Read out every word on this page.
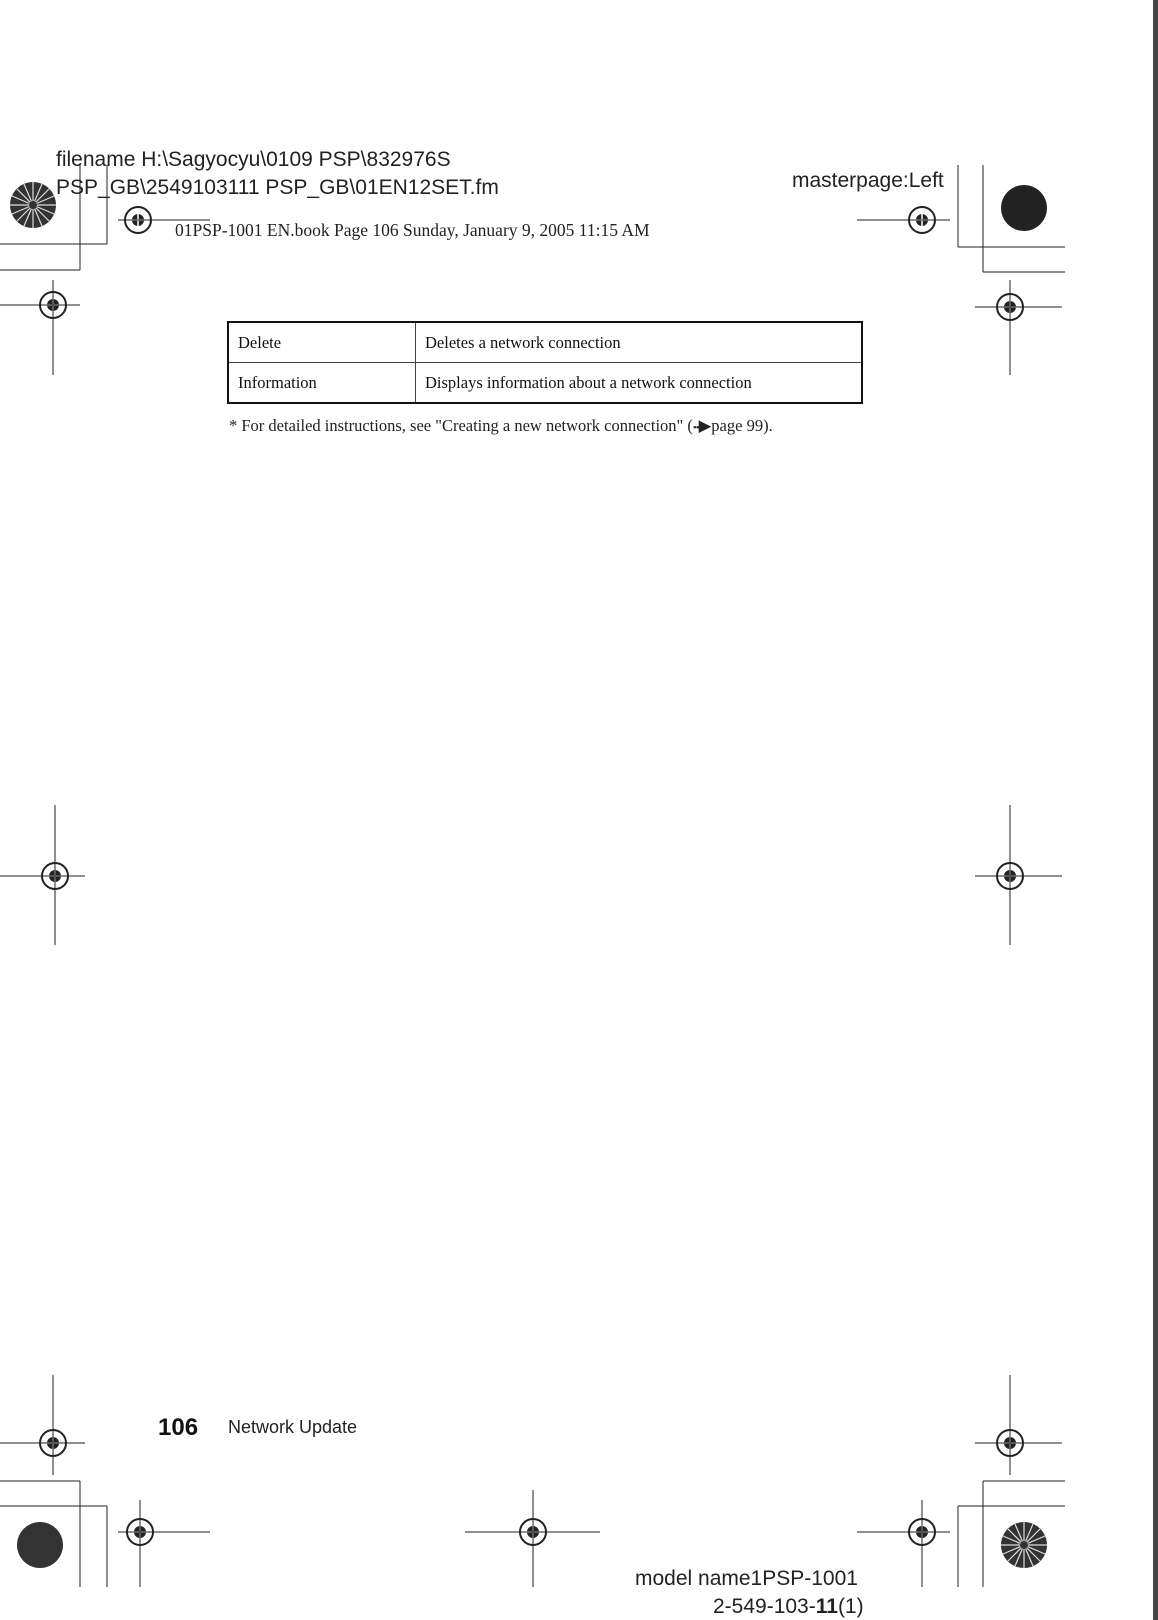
filename H:\Sagyocyu\0109 PSP\832976S
PSP_GB\2549103111 PSP_GB\01EN12SET.fm	masterpage:Left
01PSP-1001 EN.book Page 106 Sunday, January 9, 2005 11:15 AM
Delete	Deletes a network connection
Information	Displays information about a network connection
* For detailed instructions, see "Creating a new network connection" (••▶page 99).
106 Network Update
model name1PSP-1001
2-549-103-11(1)
